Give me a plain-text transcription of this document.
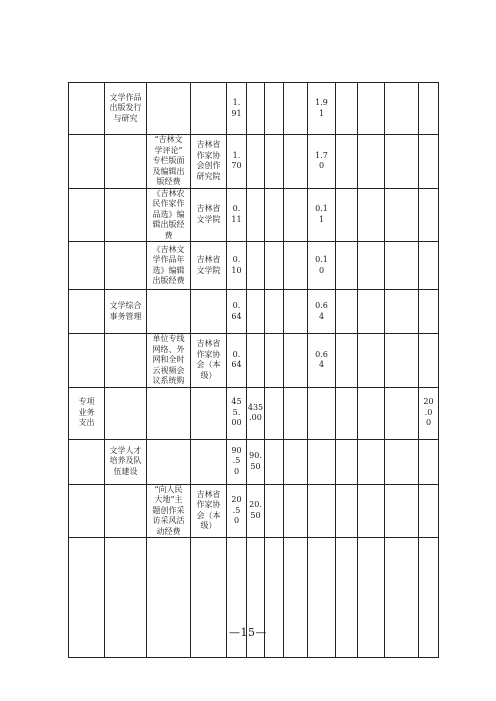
	文学作品
出版发行
与研究			1.
91				1.9
1				

		“吉林文
学评论”
专栏版面
及编辑出
版经费	吉林省
作家协
会创作
研究院	1.
70				1.7
0				

		《吉林农
民作家作
品选》编
辑出版经
费	吉林省
文学院	0.
11				0.1
1				

		《吉林文
学作品年
选》编辑
出版经费	吉林省
文学院	0.
10				0.1
0				

	文学综合
事务管理			0.
64				0.6
4				

		单位专线
网络、外
网和全时
云视频会
议系统购	吉林省
作家协
会（本
级）	0.
64				0.6
4				

专项
业务
支出				45
5.
00	435
.00							20
.0
0

	文学人才
培养及队
伍建设			90
.5
0	90.
50							

		“向人民
大地”主
题创作采
访采风活
动经费	吉林省
作家协
会（本
级）	20
.5
0	20.
50							

—15—
